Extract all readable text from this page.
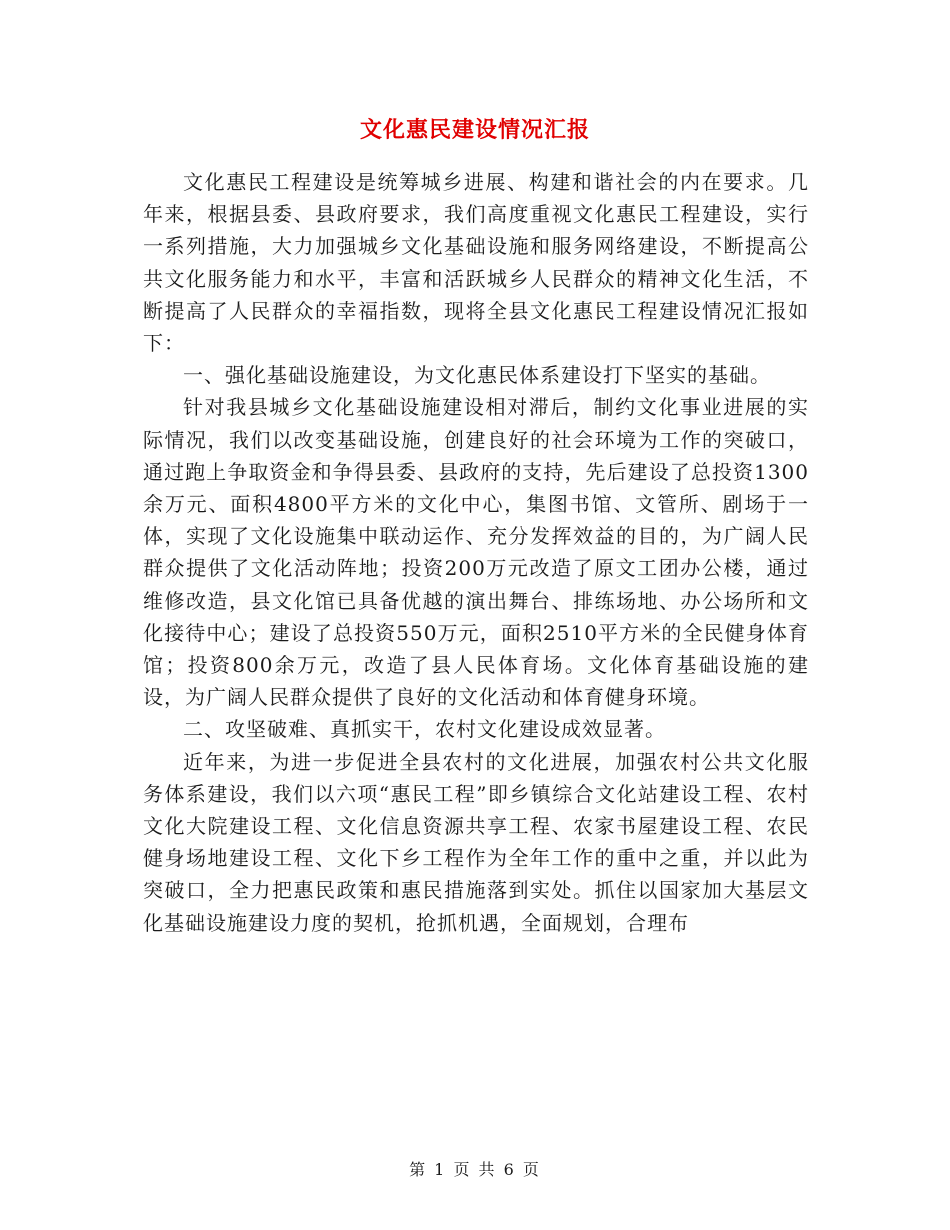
文化惠民建设情况汇报

文化惠民工程建设是统筹城乡进展、构建和谐社会的内在要求。几年来，根据县委、县政府要求，我们高度重视文化惠民工程建设，实行一系列措施，大力加强城乡文化基础设施和服务网络建设，不断提高公共文化服务能力和水平，丰富和活跃城乡人民群众的精神文化生活，不断提高了人民群众的幸福指数，现将全县文化惠民工程建设情况汇报如下：

一、强化基础设施建设，为文化惠民体系建设打下坚实的基础。

针对我县城乡文化基础设施建设相对滞后，制约文化事业进展的实际情况，我们以改变基础设施，创建良好的社会环境为工作的突破口，通过跑上争取资金和争得县委、县政府的支持，先后建设了总投资1300余万元、面积4800平方米的文化中心，集图书馆、文管所、剧场于一体，实现了文化设施集中联动运作、充分发挥效益的目的，为广阔人民群众提供了文化活动阵地；投资200万元改造了原文工团办公楼，通过维修改造，县文化馆已具备优越的演出舞台、排练场地、办公场所和文化接待中心；建设了总投资550万元，面积2510平方米的全民健身体育馆；投资800余万元，改造了县人民体育场。文化体育基础设施的建设，为广阔人民群众提供了良好的文化活动和体育健身环境。

二、攻坚破难、真抓实干，农村文化建设成效显著。

近年来，为进一步促进全县农村的文化进展，加强农村公共文化服务体系建设，我们以六项“惠民工程”即乡镇综合文化站建设工程、农村文化大院建设工程、文化信息资源共享工程、农家书屋建设工程、农民健身场地建设工程、文化下乡工程作为全年工作的重中之重，并以此为突破口，全力把惠民政策和惠民措施落到实处。抓住以国家加大基层文化基础设施建设力度的契机，抢抓机遇，全面规划，合理布

第 1 页 共 6 页
